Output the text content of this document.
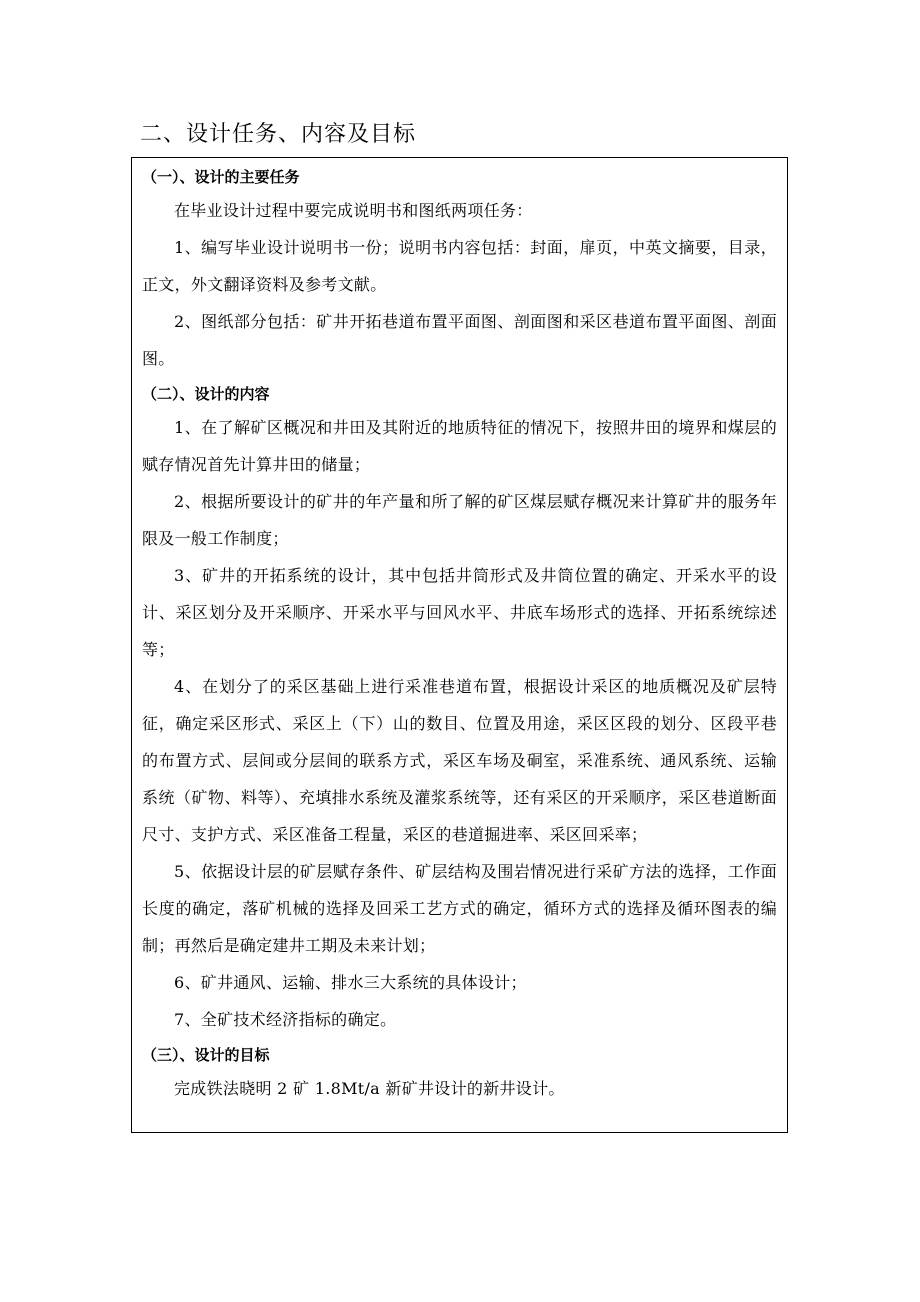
二、设计任务、内容及目标
（一）、设计的主要任务

在毕业设计过程中要完成说明书和图纸两项任务：

1、编写毕业设计说明书一份；说明书内容包括：封面，扉页，中英文摘要，目录，正文，外文翻译资料及参考文献。

2、图纸部分包括：矿井开拓巷道布置平面图、剖面图和采区巷道布置平面图、剖面图。

（二）、设计的内容

1、在了解矿区概况和井田及其附近的地质特征的情况下，按照井田的境界和煤层的赋存情况首先计算井田的储量；

2、根据所要设计的矿井的年产量和所了解的矿区煤层赋存概况来计算矿井的服务年限及一般工作制度；

3、矿井的开拓系统的设计，其中包括井筒形式及井筒位置的确定、开采水平的设计、采区划分及开采顺序、开采水平与回风水平、井底车场形式的选择、开拓系统综述等；

4、在划分了的采区基础上进行采准巷道布置，根据设计采区的地质概况及矿层特征，确定采区形式、采区上（下）山的数目、位置及用途，采区区段的划分、区段平巷的布置方式、层间或分层间的联系方式，采区车场及硐室，采准系统、通风系统、运输系统（矿物、料等）、充填排水系统及灌浆系统等，还有采区的开采顺序，采区巷道断面尺寸、支护方式、采区准备工程量，采区的巷道掘进率、采区回采率；

5、依据设计层的矿层赋存条件、矿层结构及围岩情况进行采矿方法的选择，工作面长度的确定，落矿机械的选择及回采工艺方式的确定，循环方式的选择及循环图表的编制；再然后是确定建井工期及未来计划；

6、矿井通风、运输、排水三大系统的具体设计；

7、全矿技术经济指标的确定。

（三）、设计的目标

完成铁法晓明 2 矿 1.8Mt/a 新矿井设计的新井设计。
